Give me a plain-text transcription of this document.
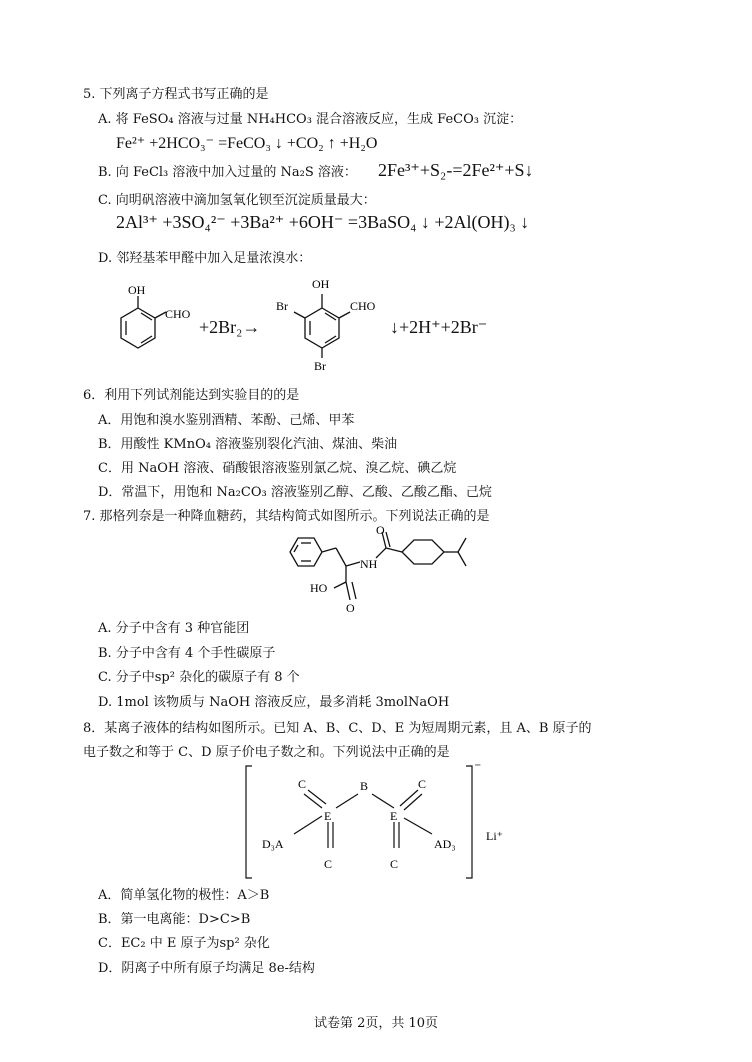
5. 下列离子方程式书写正确的是
A. 将 FeSO₄ 溶液与过量 NH₄HCO₃ 混合溶液反应，生成 FeCO₃ 沉淀：
Fe²⁺ +2HCO₃⁻ =FeCO₃ ↓ +CO₂ ↑ +H₂O
B. 向 FeCl₃ 溶液中加入过量的 Na₂S 溶液： 2Fe³⁺+S₂-=2Fe²⁺+S↓
C. 向明矾溶液中滴加氢氧化钡至沉淀质量最大：
2Al³⁺ +3SO₄²⁻ +3Ba²⁺ +6OH⁻ =3BaSO₄ ↓ +2Al(OH)₃ ↓
D. 邻羟基苯甲醛中加入足量浓溴水：
OH
CHO
+2Br₂→
OH
Br	CHO
Br
↓+2H⁺+2Br⁻
6．利用下列试剂能达到实验目的的是
A．用饱和溴水鉴别酒精、苯酚、己烯、甲苯
B．用酸性 KMnO₄ 溶液鉴别裂化汽油、煤油、柴油
C．用 NaOH 溶液、硝酸银溶液鉴别氯乙烷、溴乙烷、碘乙烷
D．常温下，用饱和 Na₂CO₃ 溶液鉴别乙醇、乙酸、乙酸乙酯、己烷
7. 那格列奈是一种降血糖药，其结构简式如图所示。下列说法正确的是
O
NH
HO
O
A. 分子中含有 3 种官能团
B. 分子中含有 4 个手性碳原子
C. 分子中sp² 杂化的碳原子有 8 个
D. 1mol 该物质与 NaOH 溶液反应，最多消耗 3molNaOH
8．某离子液体的结构如图所示。已知 A、B、C、D、E 为短周期元素，且 A、B 原子的
电子数之和等于 C、D 原子价电子数之和。下列说法中正确的是
C	B	C
E	E
D₃A	AD₃
C	C
⁻
Li⁺
A．简单氢化物的极性：A＞B
B．第一电离能：D>C>B
C．EC₂ 中 E 原子为sp² 杂化
D．阴离子中所有原子均满足 8e-结构
试卷第 2页，共 10页
